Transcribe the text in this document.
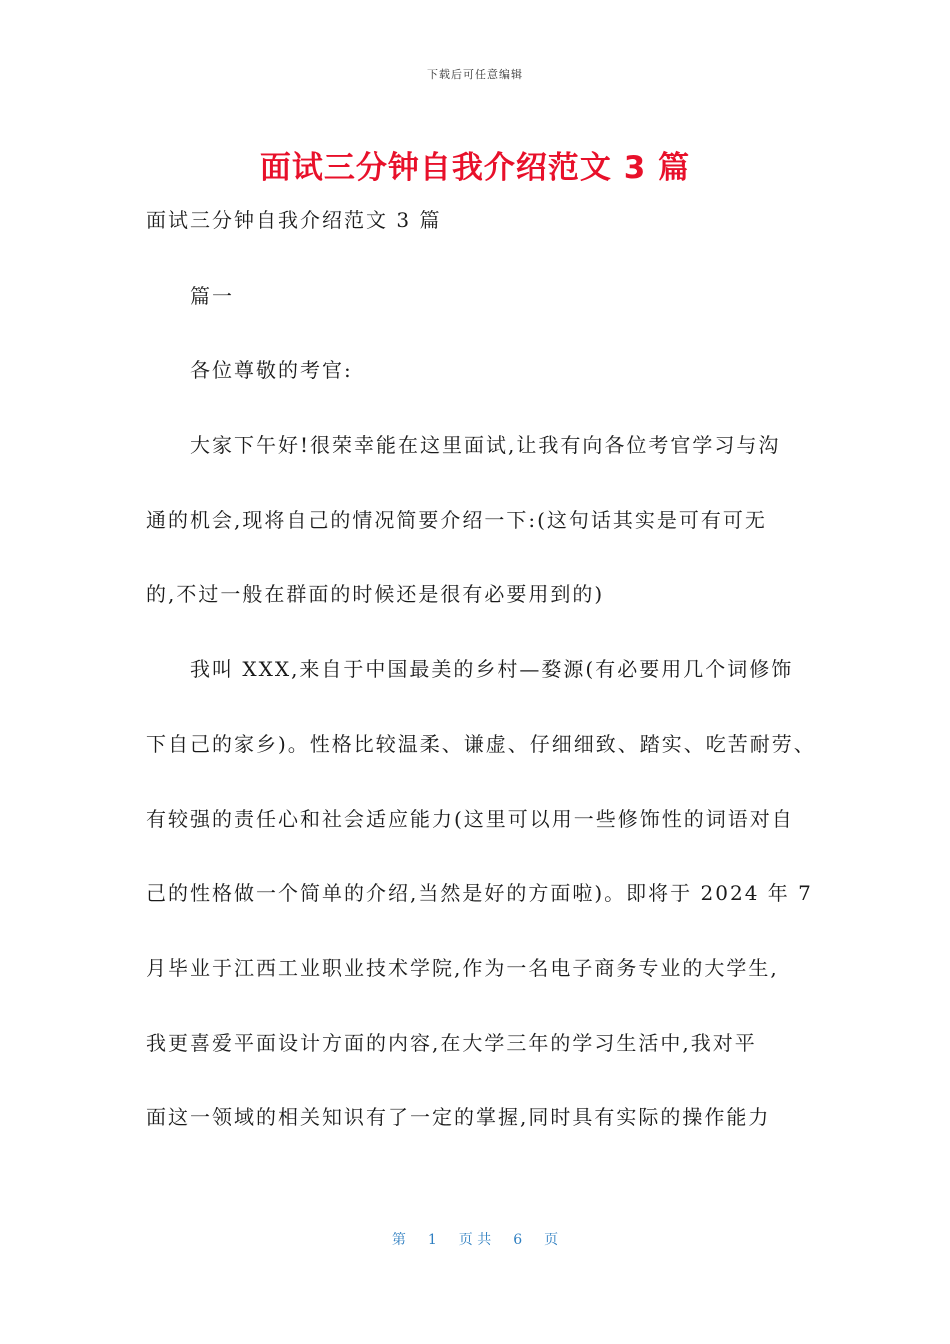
下载后可任意编辑
面试三分钟自我介绍范文 3 篇
面试三分钟自我介绍范文 3 篇
篇一
各位尊敬的考官:
大家下午好!很荣幸能在这里面试,让我有向各位考官学习与沟
通的机会,现将自己的情况简要介绍一下:(这句话其实是可有可无
的,不过一般在群面的时候还是很有必要用到的)
我叫 XXX,来自于中国最美的乡村—婺源(有必要用几个词修饰
下自己的家乡)。性格比较温柔、谦虚、仔细细致、踏实、吃苦耐劳、
有较强的责任心和社会适应能力(这里可以用一些修饰性的词语对自
己的性格做一个简单的介绍,当然是好的方面啦)。即将于 2024 年 7
月毕业于江西工业职业技术学院,作为一名电子商务专业的大学生,
我更喜爱平面设计方面的内容,在大学三年的学习生活中,我对平
面这一领域的相关知识有了一定的掌握,同时具有实际的操作能力
第 1 页 共 6 页
